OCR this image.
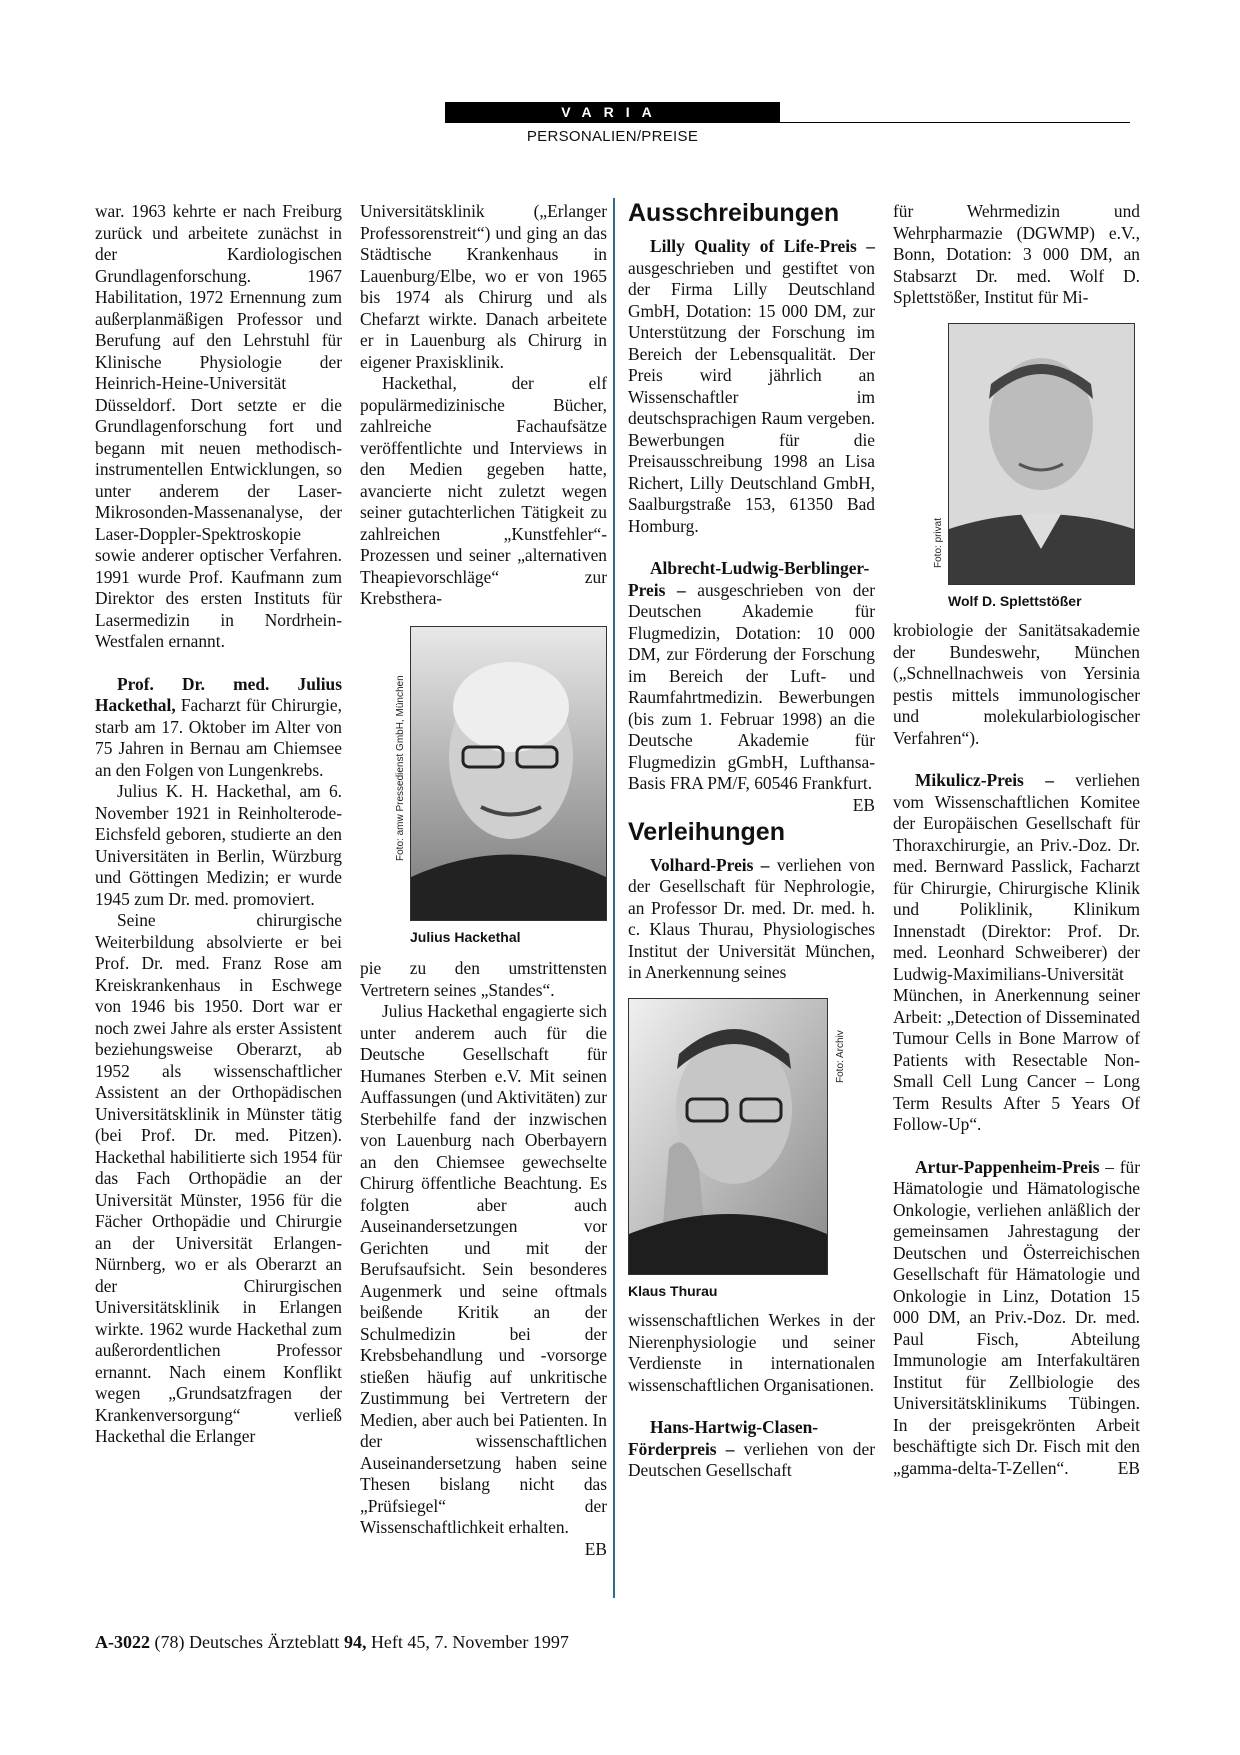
VARIA
PERSONALIEN/PREISE

war. 1963 kehrte er nach Freiburg zurück und arbeitete zunächst in der Kardiologischen Grundlagenforschung. 1967 Habilitation, 1972 Ernennung zum außerplanmäßigen Professor und Berufung auf den Lehrstuhl für Klinische Physiologie der Heinrich-Heine-Universität Düsseldorf. Dort setzte er die Grundlagenforschung fort und begann mit neuen methodisch-instrumentellen Entwicklungen, so unter anderem der Laser-Mikrosonden-Massenanalyse, der Laser-Doppler-Spektroskopie sowie anderer optischer Verfahren. 1991 wurde Prof. Kaufmann zum Direktor des ersten Instituts für Lasermedizin in Nordrhein-Westfalen ernannt.

Prof. Dr. med. Julius Hackethal, Facharzt für Chirurgie, starb am 17. Oktober im Alter von 75 Jahren in Bernau am Chiemsee an den Folgen von Lungenkrebs.

Julius K. H. Hackethal, am 6. November 1921 in Reinholterode-Eichsfeld geboren, studierte an den Universitäten in Berlin, Würzburg und Göttingen Medizin; er wurde 1945 zum Dr. med. promoviert.

Seine chirurgische Weiterbildung absolvierte er bei Prof. Dr. med. Franz Rose am Kreiskrankenhaus in Eschwege von 1946 bis 1950. Dort war er noch zwei Jahre als erster Assistent beziehungsweise Oberarzt, ab 1952 als wissenschaftlicher Assistent an der Orthopädischen Universitätsklinik in Münster tätig (bei Prof. Dr. med. Pitzen). Hackethal habilitierte sich 1954 für das Fach Orthopädie an der Universität Münster, 1956 für die Fächer Orthopädie und Chirurgie an der Universität Erlangen-Nürnberg, wo er als Oberarzt an der Chirurgischen Universitätsklinik in Erlangen wirkte. 1962 wurde Hackethal zum außerordentlichen Professor ernannt. Nach einem Konflikt wegen „Grundsatzfragen der Krankenversorgung“ verließ Hackethal die Erlanger

Universitätsklinik („Erlanger Professorenstreit“) und ging an das Städtische Krankenhaus in Lauenburg/Elbe, wo er von 1965 bis 1974 als Chirurg und als Chefarzt wirkte. Danach arbeitete er in Lauenburg als Chirurg in eigener Praxisklinik.

Hackethal, der elf populärmedizinische Bücher, zahlreiche Fachaufsätze veröffentlichte und Interviews in den Medien gegeben hatte, avancierte nicht zuletzt wegen seiner gutachterlichen Tätigkeit zu zahlreichen „Kunstfehler“-Prozessen und seiner „alternativen Theapievorschläge“ zur Krebsthera-

Foto: amw Pressedienst GmbH, München
Julius Hackethal

pie zu den umstrittensten Vertretern seines „Standes“.

Julius Hackethal engagierte sich unter anderem auch für die Deutsche Gesellschaft für Humanes Sterben e.V. Mit seinen Auffassungen (und Aktivitäten) zur Sterbehilfe fand der inzwischen von Lauenburg nach Oberbayern an den Chiemsee gewechselte Chirurg öffentliche Beachtung. Es folgten aber auch Auseinandersetzungen vor Gerichten und mit der Berufsaufsicht. Sein besonderes Augenmerk und seine oftmals beißende Kritik an der Schulmedizin bei der Krebsbehandlung und -vorsorge stießen häufig auf unkritische Zustimmung bei Vertretern der Medien, aber auch bei Patienten. In der wissenschaftlichen Auseinandersetzung haben seine Thesen bislang nicht das „Prüfsiegel“ der Wissenschaftlichkeit erhalten.
EB

Ausschreibungen

Lilly Quality of Life-Preis – ausgeschrieben und gestiftet von der Firma Lilly Deutschland GmbH, Dotation: 15 000 DM, zur Unterstützung der Forschung im Bereich der Lebensqualität. Der Preis wird jährlich an Wissenschaftler im deutschsprachigen Raum vergeben. Bewerbungen für die Preisausschreibung 1998 an Lisa Richert, Lilly Deutschland GmbH, Saalburgstraße 153, 61350 Bad Homburg.

Albrecht-Ludwig-Berblinger-Preis – ausgeschrieben von der Deutschen Akademie für Flugmedizin, Dotation: 10 000 DM, zur Förderung der Forschung im Bereich der Luft- und Raumfahrtmedizin. Bewerbungen (bis zum 1. Februar 1998) an die Deutsche Akademie für Flugmedizin gGmbH, Lufthansa-Basis FRA PM/F, 60546 Frankfurt.
EB

Verleihungen

Volhard-Preis – verliehen von der Gesellschaft für Nephrologie, an Professor Dr. med. Dr. med. h. c. Klaus Thurau, Physiologisches Institut der Universität München, in Anerkennung seines

Foto: Archiv
Klaus Thurau

wissenschaftlichen Werkes in der Nierenphysiologie und seiner Verdienste in internationalen wissenschaftlichen Organisationen.

Hans-Hartwig-Clasen-Förderpreis – verliehen von der Deutschen Gesellschaft

für Wehrmedizin und Wehrpharmazie (DGWMP) e.V., Bonn, Dotation: 3 000 DM, an Stabsarzt Dr. med. Wolf D. Splettstößer, Institut für Mi-

Foto: privat
Wolf D. Splettstößer

krobiologie der Sanitätsakademie der Bundeswehr, München („Schnellnachweis von Yersinia pestis mittels immunologischer und molekularbiologischer Verfahren“).

Mikulicz-Preis – verliehen vom Wissenschaftlichen Komitee der Europäischen Gesellschaft für Thoraxchirurgie, an Priv.-Doz. Dr. med. Bernward Passlick, Facharzt für Chirurgie, Chirurgische Klinik und Poliklinik, Klinikum Innenstadt (Direktor: Prof. Dr. med. Leonhard Schweiberer) der Ludwig-Maximilians-Universität München, in Anerkennung seiner Arbeit: „Detection of Disseminated Tumour Cells in Bone Marrow of Patients with Resectable Non-Small Cell Lung Cancer – Long Term Results After 5 Years Of Follow-Up“.

Artur-Pappenheim-Preis – für Hämatologie und Hämatologische Onkologie, verliehen anläßlich der gemeinsamen Jahrestagung der Deutschen und Österreichischen Gesellschaft für Hämatologie und Onkologie in Linz, Dotation 15 000 DM, an Priv.-Doz. Dr. med. Paul Fisch, Abteilung Immunologie am Interfakultären Institut für Zellbiologie des Universitätsklinikums Tübingen. In der preisgekrönten Arbeit beschäftigte sich Dr. Fisch mit den „gamma-delta-T-Zellen“.	EB

A-3022 (78) Deutsches Ärzteblatt 94, Heft 45, 7. November 1997
